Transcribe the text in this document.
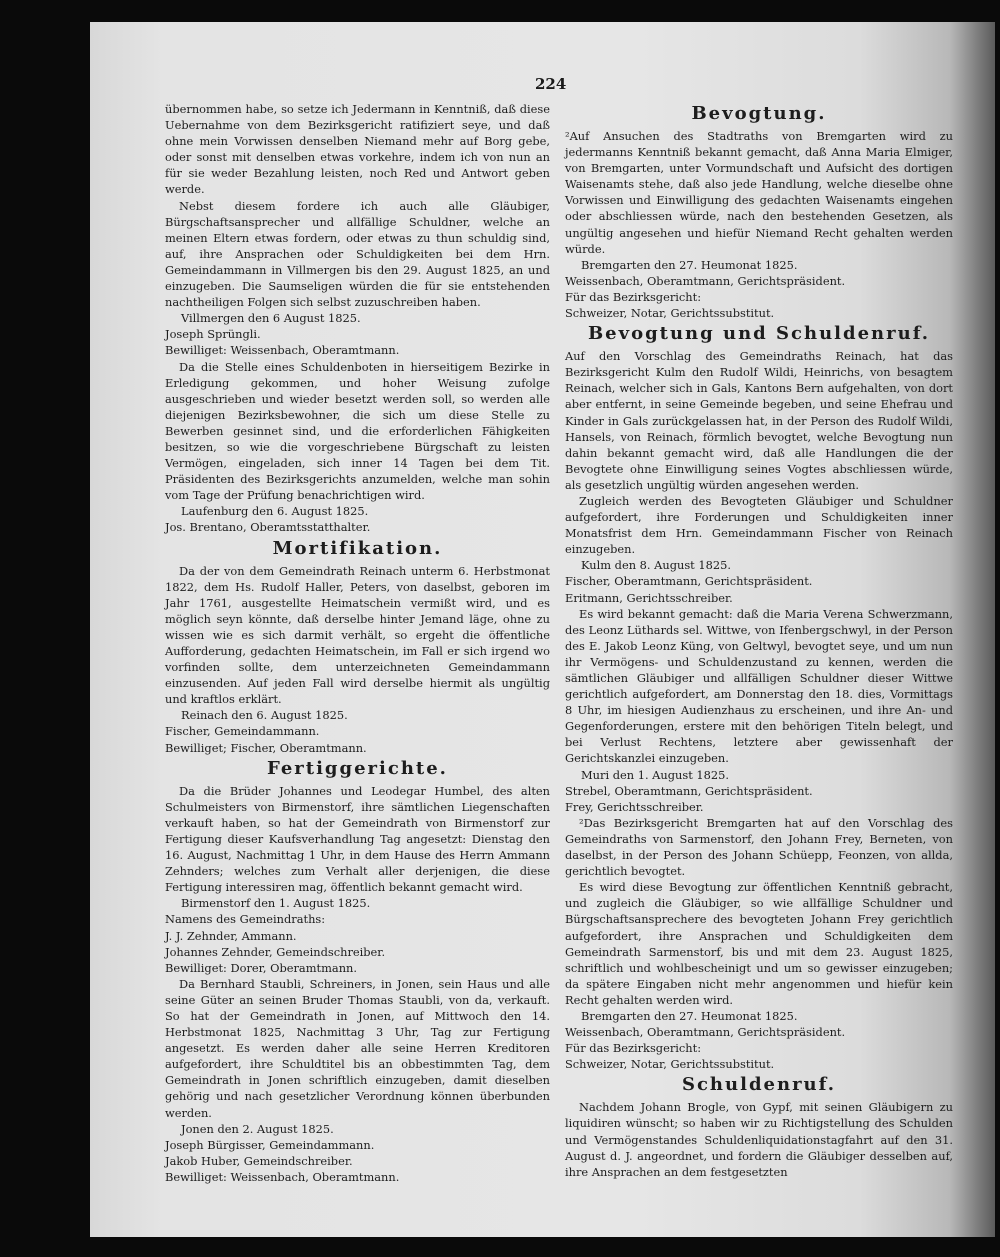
224

übernommen habe, so setze ich Jedermann in Kenntniß, daß diese Uebernahme von dem Bezirksgericht ratifiziert seye, und daß ohne mein Vorwissen denselben Niemand mehr auf Borg gebe, oder sonst mit denselben etwas vorkehre, indem ich von nun an für sie weder Bezahlung leisten, noch Red und Antwort geben werde.

Nebst diesem fordere ich auch alle Gläubiger, Bürgschaftsansprecher und allfällige Schuldner, welche an meinen Eltern etwas fordern, oder etwas zu thun schuldig sind, auf, ihre Ansprachen oder Schuldigkeiten bei dem Hrn. Gemeindammann in Villmergen bis den 29. August 1825, an und einzugeben. Die Saumseligen würden die für sie entstehenden nachtheiligen Folgen sich selbst zuzuschreiben haben.

Villmergen den 6 August 1825.

Joseph Sprüngli.

Bewilliget: Weissenbach, Oberamtmann.

Da die Stelle eines Schuldenboten in hierseitigem Bezirke in Erledigung gekommen, und hoher Weisung zufolge ausgeschrieben und wieder besetzt werden soll, so werden alle diejenigen Bezirksbewohner, die sich um diese Stelle zu Bewerben gesinnet sind, und die erforderlichen Fähigkeiten besitzen, so wie die vorgeschriebene Bürgschaft zu leisten Vermögen, eingeladen, sich inner 14 Tagen bei dem Tit. Präsidenten des Bezirksgerichts anzumelden, welche man sohin vom Tage der Prüfung benachrichtigen wird.

Laufenburg den 6. August 1825.

Jos. Brentano, Oberamtsstatthalter.

Mortifikation.

Da der von dem Gemeindrath Reinach unterm 6. Herbstmonat 1822, dem Hs. Rudolf Haller, Peters, von daselbst, geboren im Jahr 1761, ausgestellte Heimatschein vermißt wird, und es möglich seyn könnte, daß derselbe hinter Jemand läge, ohne zu wissen wie es sich darmit verhält, so ergeht die öffentliche Aufforderung, gedachten Heimatschein, im Fall er sich irgend wo vorfinden sollte, dem unterzeichneten Gemeindammann einzusenden. Auf jeden Fall wird derselbe hiermit als ungültig und kraftlos erklärt.

Reinach den 6. August 1825.

Fischer, Gemeindammann.

Bewilliget; Fischer, Oberamtmann.

Fertiggerichte.

Da die Brüder Johannes und Leodegar Humbel, des alten Schulmeisters von Birmenstorf, ihre sämtlichen Liegenschaften verkauft haben, so hat der Gemeindrath von Birmenstorf zur Fertigung dieser Kaufsverhandlung Tag angesetzt: Dienstag den 16. August, Nachmittag 1 Uhr, in dem Hause des Herrn Ammann Zehnders; welches zum Verhalt aller derjenigen, die diese Fertigung interessiren mag, öffentlich bekannt gemacht wird.

Birmenstorf den 1. August 1825.

Namens des Gemeindraths:

J. J. Zehnder, Ammann.

Johannes Zehnder, Gemeindschreiber.

Bewilliget: Dorer, Oberamtmann.

Da Bernhard Staubli, Schreiners, in Jonen, sein Haus und alle seine Güter an seinen Bruder Thomas Staubli, von da, verkauft. So hat der Gemeindrath in Jonen, auf Mittwoch den 14. Herbstmonat 1825, Nachmittag 3 Uhr, Tag zur Fertigung angesetzt. Es werden daher alle seine Herren Kreditoren aufgefordert, ihre Schuldtitel bis an obbestimmten Tag, dem Gemeindrath in Jonen schriftlich einzugeben, damit dieselben gehörig und nach gesetzlicher Verordnung können überbunden werden.

Jonen den 2. August 1825.

Joseph Bürgisser, Gemeindammann.

Jakob Huber, Gemeindschreiber.

Bewilliget: Weissenbach, Oberamtmann.

Bevogtung.

²Auf Ansuchen des Stadtraths von Bremgarten wird zu jedermanns Kenntniß bekannt gemacht, daß Anna Maria Elmiger, von Bremgarten, unter Vormundschaft und Aufsicht des dortigen Waisenamts stehe, daß also jede Handlung, welche dieselbe ohne Vorwissen und Einwilligung des gedachten Waisenamts eingehen oder abschliessen würde, nach den bestehenden Gesetzen, als ungültig angesehen und hiefür Niemand Recht gehalten werden würde.

Bremgarten den 27. Heumonat 1825.

Weissenbach, Oberamtmann, Gerichtspräsident.

Für das Bezirksgericht:

Schweizer, Notar, Gerichtssubstitut.

Bevogtung und Schuldenruf.

Auf den Vorschlag des Gemeindraths Reinach, hat das Bezirksgericht Kulm den Rudolf Wildi, Heinrichs, von besagtem Reinach, welcher sich in Gals, Kantons Bern aufgehalten, von dort aber entfernt, in seine Gemeinde begeben, und seine Ehefrau und Kinder in Gals zurückgelassen hat, in der Person des Rudolf Wildi, Hansels, von Reinach, förmlich bevogtet, welche Bevogtung nun dahin bekannt gemacht wird, daß alle Handlungen die der Bevogtete ohne Einwilligung seines Vogtes abschliessen würde, als gesetzlich ungültig würden angesehen werden.

Zugleich werden des Bevogteten Gläubiger und Schuldner aufgefordert, ihre Forderungen und Schuldigkeiten inner Monatsfrist dem Hrn. Gemeindammann Fischer von Reinach einzugeben.

Kulm den 8. August 1825.

Fischer, Oberamtmann, Gerichtspräsident.

Eritmann, Gerichtsschreiber.

Es wird bekannt gemacht: daß die Maria Verena Schwerzmann, des Leonz Lüthards sel. Wittwe, von Ifenbergschwyl, in der Person des E. Jakob Leonz Küng, von Geltwyl, bevogtet seye, und um nun ihr Vermögens- und Schuldenzustand zu kennen, werden die sämtlichen Gläubiger und allfälligen Schuldner dieser Wittwe gerichtlich aufgefordert, am Donnerstag den 18. dies, Vormittags 8 Uhr, im hiesigen Audienzhaus zu erscheinen, und ihre An- und Gegenforderungen, erstere mit den behörigen Titeln belegt, und bei Verlust Rechtens, letztere aber gewissenhaft der Gerichtskanzlei einzugeben.

Muri den 1. August 1825.

Strebel, Oberamtmann, Gerichtspräsident.

Frey, Gerichtsschreiber.

²Das Bezirksgericht Bremgarten hat auf den Vorschlag des Gemeindraths von Sarmenstorf, den Johann Frey, Berneten, von daselbst, in der Person des Johann Schüepp, Feonzen, von allda, gerichtlich bevogtet.

Es wird diese Bevogtung zur öffentlichen Kenntniß gebracht, und zugleich die Gläubiger, so wie allfällige Schuldner und Bürgschaftsansprechere des bevogteten Johann Frey gerichtlich aufgefordert, ihre Ansprachen und Schuldigkeiten dem Gemeindrath Sarmenstorf, bis und mit dem 23. August 1825, schriftlich und wohlbescheinigt und um so gewisser einzugeben; da spätere Eingaben nicht mehr angenommen und hiefür kein Recht gehalten werden wird.

Bremgarten den 27. Heumonat 1825.

Weissenbach, Oberamtmann, Gerichtspräsident.

Für das Bezirksgericht:

Schweizer, Notar, Gerichtssubstitut.

Schuldenruf.

Nachdem Johann Brogle, von Gypf, mit seinen Gläubigern zu liquidiren wünscht; so haben wir zu Richtigstellung des Schulden und Vermögenstandes Schuldenliquidationstagfahrt auf den 31. August d. J. angeordnet, und fordern die Gläubiger desselben auf, ihre Ansprachen an dem festgesetzten
